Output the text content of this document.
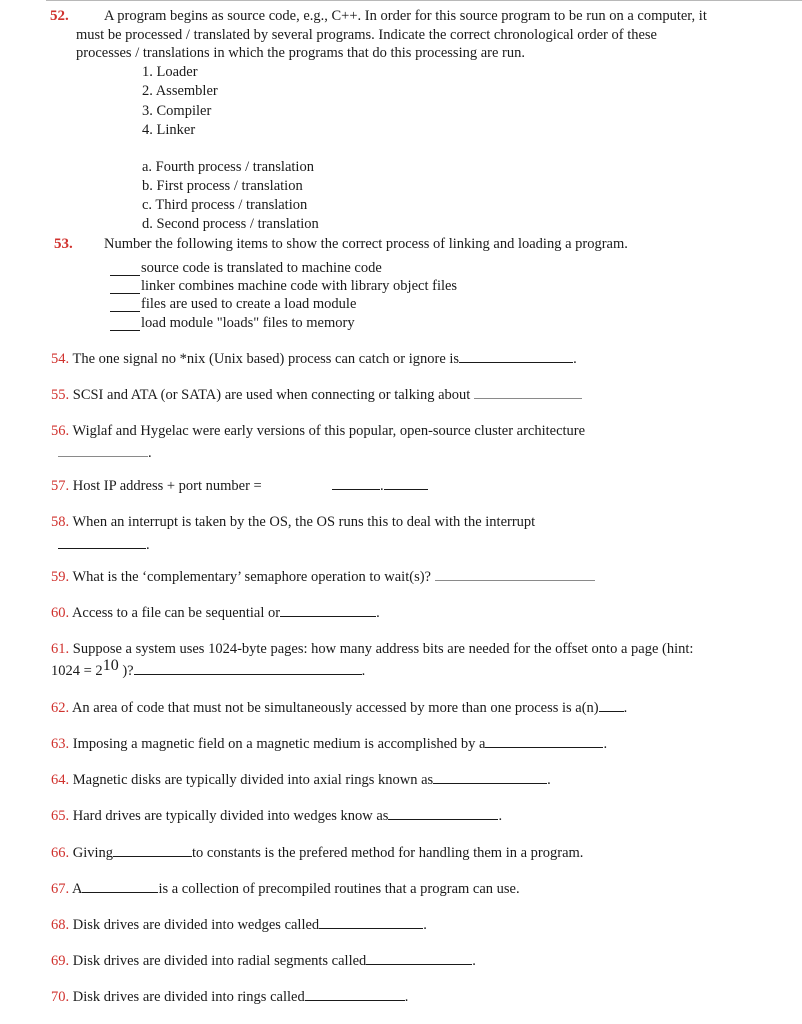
52. A program begins as source code, e.g., C++. In order for this source program to be run on a computer, it
must be processed / translated by several programs. Indicate the correct chronological order of these
processes / translations in which the programs that do this processing are run.
1. Loader
2. Assembler
3. Compiler
4. Linker
a. Fourth process / translation
b. First process / translation
c. Third process / translation
d. Second process / translation
53. Number the following items to show the correct process of linking and loading a program.
source code is translated to machine code
linker combines machine code with library object files
files are used to create a load module
load module "loads" files to memory
54. The one signal no *nix (Unix based) process can catch or ignore is	.
55. SCSI and ATA (or SATA) are used when connecting or talking about
56. Wiglaf and Hygelac were early versions of this popular, open-source cluster architecture
.
57. Host IP address + port number =	.
58. When an interrupt is taken by the OS, the OS runs this to deal with the interrupt
.
59. What is the ‘complementary’ semaphore operation to wait(s)?
60. Access to a file can be sequential or	.
61. Suppose a system uses 1024-byte pages: how many address bits are needed for the offset onto a page (hint:
1024 = 210 )?	.
62. An area of code that must not be simultaneously accessed by more than one process is a(n) .
63. Imposing a magnetic field on a magnetic medium is accomplished by a	.
64. Magnetic disks are typically divided into axial rings known as	.
65. Hard drives are typically divided into wedges know as	.
66. Giving	to constants is the prefered method for handling them in a program.
67. A	is a collection of precompiled routines that a program can use.
68. Disk drives are divided into wedges called	.
69. Disk drives are divided into radial segments called	.
70. Disk drives are divided into rings called	.
